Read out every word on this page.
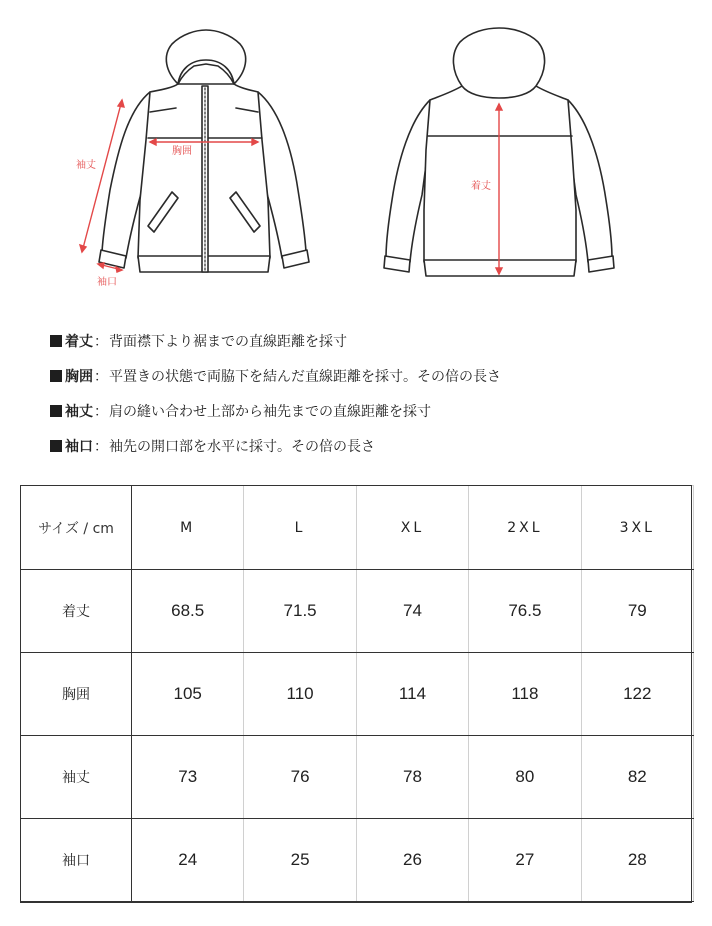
胸囲
袖丈
袖口
着丈
着丈 ： 背面襟下より裾までの直線距離を採寸
胸囲 ： 平置きの状態で両脇下を結んだ直線距離を採寸。その倍の長さ
袖丈 ： 肩の縫い合わせ上部から袖先までの直線距離を採寸
袖口 ： 袖先の開口部を水平に採寸。その倍の長さ
サイズ / cm	M	L	XL	2XL	3XL
着丈	68.5	71.5	74	76.5	79
胸囲	105	110	114	118	122
袖丈	73	76	78	80	82
袖口	24	25	26	27	28
